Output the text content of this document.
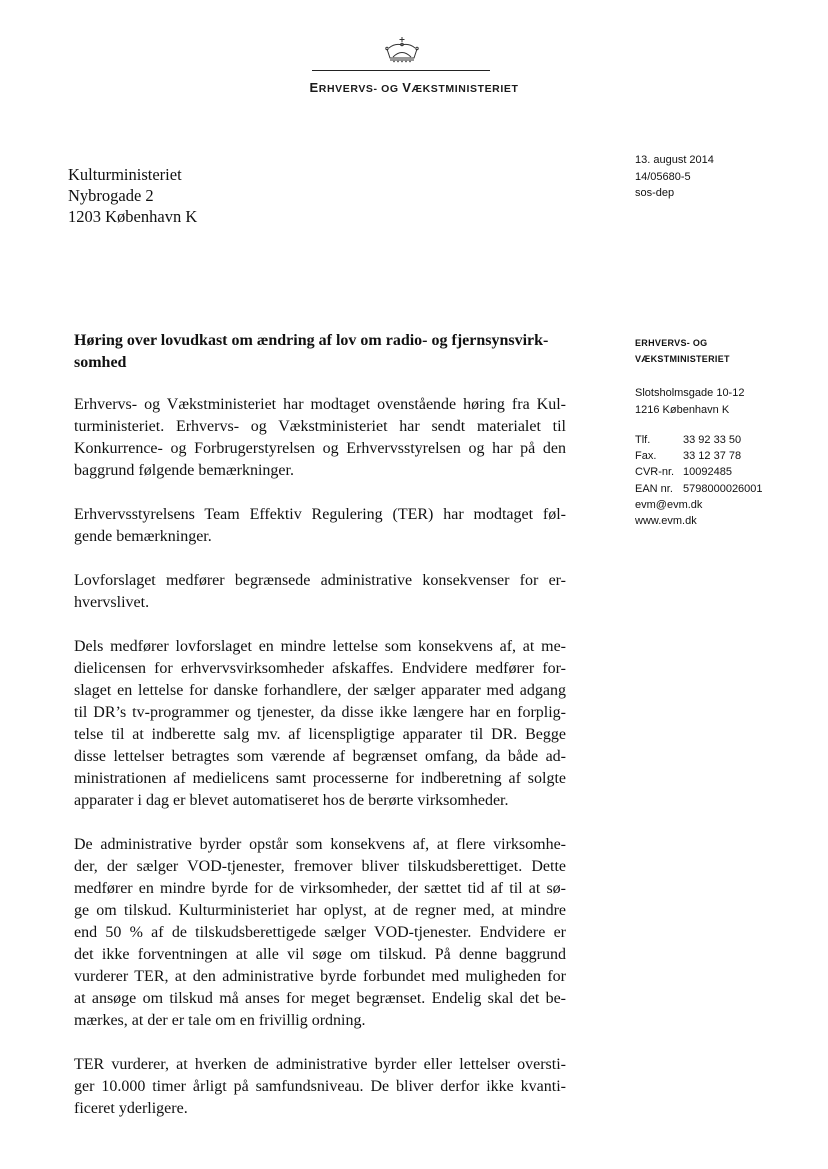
ERHVERVS- OG VÆKSTMINISTERIET
Kulturministeriet
Nybrogade 2
1203 København K
13. august 2014
14/05680-5
sos-dep
ERHVERVS- OG
VÆKSTMINISTERIET
Slotsholmsgade 10-12
1216 København K
Tlf.	33 92 33 50
Fax.	33 12 37 78
CVR-nr. 10092485
EAN nr. 5798000026001
evm@evm.dk
www.evm.dk
Høring over lovudkast om ændring af lov om radio- og fjernsynsvirk-
somhed
Erhvervs- og Vækstministeriet har modtaget ovenstående høring fra Kul-
turministeriet. Erhvervs- og Vækstministeriet har sendt materialet til
Konkurrence- og Forbrugerstyrelsen og Erhvervsstyrelsen og har på den
baggrund følgende bemærkninger.
Erhvervsstyrelsens Team Effektiv Regulering (TER) har modtaget føl-
gende bemærkninger.
Lovforslaget medfører begrænsede administrative konsekvenser for er-
hvervslivet.
Dels medfører lovforslaget en mindre lettelse som konsekvens af, at me-
dielicensen for erhvervsvirksomheder afskaffes. Endvidere medfører for-
slaget en lettelse for danske forhandlere, der sælger apparater med adgang
til DR’s tv-programmer og tjenester, da disse ikke længere har en forplig-
telse til at indberette salg mv. af licenspligtige apparater til DR. Begge
disse lettelser betragtes som værende af begrænset omfang, da både ad-
ministrationen af medielicens samt processerne for indberetning af solgte
apparater i dag er blevet automatiseret hos de berørte virksomheder.
De administrative byrder opstår som konsekvens af, at flere virksomhe-
der, der sælger VOD-tjenester, fremover bliver tilskudsberettiget. Dette
medfører en mindre byrde for de virksomheder, der sættet tid af til at sø-
ge om tilskud. Kulturministeriet har oplyst, at de regner med, at mindre
end 50 % af de tilskudsberettigede sælger VOD-tjenester. Endvidere er
det ikke forventningen at alle vil søge om tilskud. På denne baggrund
vurderer TER, at den administrative byrde forbundet med muligheden for
at ansøge om tilskud må anses for meget begrænset. Endelig skal det be-
mærkes, at der er tale om en frivillig ordning.
TER vurderer, at hverken de administrative byrder eller lettelser oversti-
ger 10.000 timer årligt på samfundsniveau. De bliver derfor ikke kvanti-
ficeret yderligere.
